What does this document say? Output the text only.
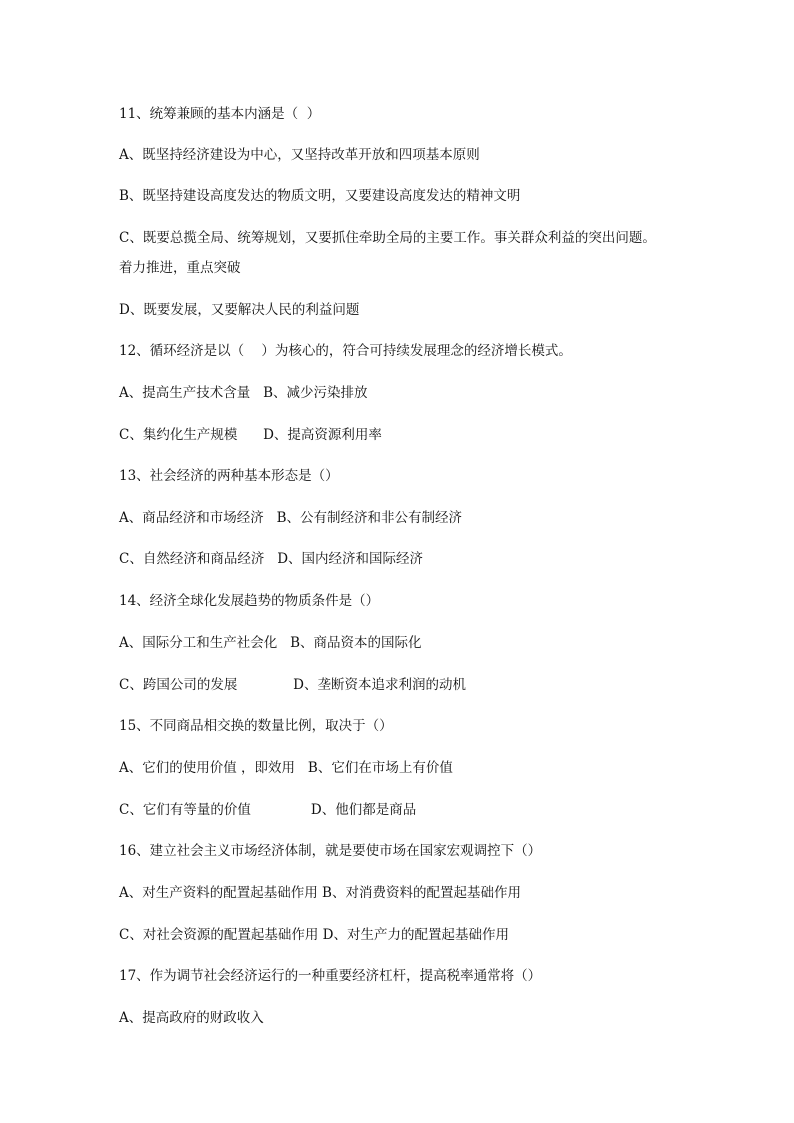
11、统筹兼顾的基本内涵是（  ）
A、既坚持经济建设为中心，又坚持改革开放和四项基本原则
B、既坚持建设高度发达的物质文明，又要建设高度发达的精神文明
C、既要总揽全局、统筹规划，又要抓住牵助全局的主要工作。事关群众利益的突出问题。
着力推进，重点突破
D、既要发展，又要解决人民的利益问题
12、循环经济是以（    ）为核心的，符合可持续发展理念的经济增长模式。
A、提高生产技术含量   B、减少污染排放
C、集约化生产规模      D、提高资源利用率
13、社会经济的两种基本形态是（）
A、商品经济和市场经济   B、公有制经济和非公有制经济
C、自然经济和商品经济   D、国内经济和国际经济
14、经济全球化发展趋势的物质条件是（）
A、国际分工和生产社会化   B、商品资本的国际化
C、跨国公司的发展             D、垄断资本追求利润的动机
15、不同商品相交换的数量比例，取决于（）
A、它们的使用价值 ，即效用   B、它们在市场上有价值
C、它们有等量的价值              D、他们都是商品
16、建立社会主义市场经济体制，就是要使市场在国家宏观调控下（）
A、对生产资料的配置起基础作用 B、对消费资料的配置起基础作用
C、对社会资源的配置起基础作用 D、对生产力的配置起基础作用
17、作为调节社会经济运行的一种重要经济杠杆，提高税率通常将（）
A、提高政府的财政收入
